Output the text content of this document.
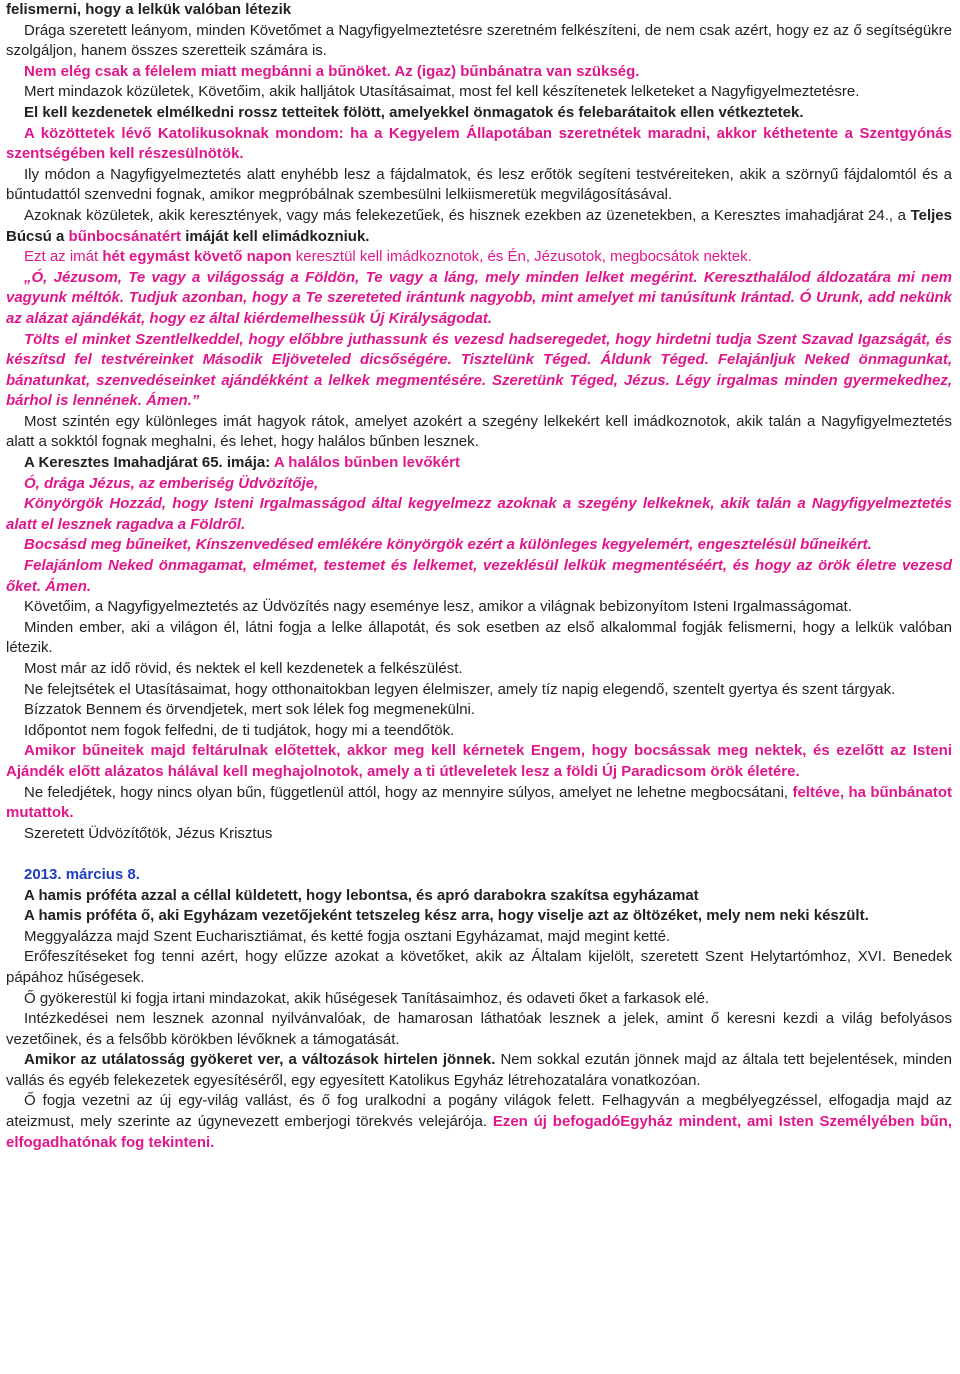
felismerni, hogy a lelkük valóban létezik

Drága szeretett leányom, minden Követőmet a Nagyfigyelmeztetésre szeretném felkészíteni, de nem csak azért, hogy ez az ő segítségükre szolgáljon, hanem összes szeretteik számára is.

Nem elég csak a félelem miatt megbánni a bűnöket. Az (igaz) bűnbánatra van szükség.

Mert mindazok közületek, Követőim, akik halljátok Utasításaimat, most fel kell készítenetek lelketeket a Nagyfigyelmeztetésre.

El kell kezdenetek elmélkedni rossz tetteitek fölött, amelyekkel önmagatok és felebarátaitok ellen vétkeztetek.

A közöttetek lévő Katolikusoknak mondom: ha a Kegyelem Állapotában szeretnétek maradni, akkor kéthetente a Szentgyónás szentségében kell részesülnötök.

Ily módon a Nagyfigyelmeztetés alatt enyhébb lesz a fájdalmatok, és lesz erőtök segíteni testvéreiteken, akik a szörnyű fájdalomtól és a bűntudattól szenvedni fognak, amikor megpróbálnak szembesülni lelkiismeretük megvilágosításával.

Azoknak közületek, akik keresztények, vagy más felekezetűek, és hisznek ezekben az üzenetekben, a Keresztes imahadjárat 24., a Teljes Búcsú a bűnbocsánatért imáját kell elimádkozniuk.

Ezt az imát hét egymást követő napon keresztül kell imádkoznotok, és Én, Jézusotok, megbocsátok nektek.

„Ó, Jézusom, Te vagy a világosság a Földön, Te vagy a láng, mely minden lelket megérint. Kereszthalálod áldozatára mi nem vagyunk méltók. Tudjuk azonban, hogy a Te szereteted irántunk nagyobb, mint amelyet mi tanúsítunk Irántad. Ó Urunk, add nekünk az alázat ajándékát, hogy ez által kiérdemelhessük Új Királyságodat.

Tölts el minket Szentlelkeddel, hogy előbbre juthassunk és vezesd hadseregedet, hogy hirdetni tudja Szent Szavad Igazságát, és készítsd fel testvéreinket Második Eljöveteled dicsőségére. Tisztelünk Téged. Áldunk Téged. Felajánljuk Neked önmagunkat, bánatunkat, szenvedéseinket ajándékként a lelkek megmentésére. Szeretünk Téged, Jézus. Légy irgalmas minden gyermekedhez, bárhol is lennének. Ámen.”

Most szintén egy különleges imát hagyok rátok, amelyet azokért a szegény lelkekért kell imádkoznotok, akik talán a Nagyfigyelmeztetés alatt a sokktól fognak meghalni, és lehet, hogy halálos bűnben lesznek.

A Keresztes Imahadjárat 65. imája: A halálos bűnben levőkért

Ó, drága Jézus, az emberiség Üdvözítője,

Könyörgök Hozzád, hogy Isteni Irgalmasságod által kegyelmezz azoknak a szegény lelkeknek, akik talán a Nagyfigyelmeztetés alatt el lesznek ragadva a Földről.

Bocsásd meg bűneiket, Kínszenvedésed emlékére könyörgök ezért a különleges kegyelemért, engesztelésül bűneikért.

Felajánlom Neked önmagamat, elmémet, testemet és lelkemet, vezeklésül lelkük megmentéséért, és hogy az örök életre vezesd őket. Ámen.

Követőim, a Nagyfigyelmeztetés az Üdvözítés nagy eseménye lesz, amikor a világnak bebizonyítom Isteni Irgalmasságomat.

Minden ember, aki a világon él, látni fogja a lelke állapotát, és sok esetben az első alkalommal fogják felismerni, hogy a lelkük valóban létezik.

Most már az idő rövid, és nektek el kell kezdenetek a felkészülést.

Ne felejtsétek el Utasításaimat, hogy otthonaitokban legyen élelmiszer, amely tíz napig elegendő, szentelt gyertya és szent tárgyak.

Bízzatok Bennem és örvendjetek, mert sok lélek fog megmenekülni.

Időpontot nem fogok felfedni, de ti tudjátok, hogy mi a teendőtök.

Amikor bűneitek majd feltárulnak előtettek, akkor meg kell kérnetek Engem, hogy bocsássak meg nektek, és ezelőtt az Isteni Ajándék előtt alázatos hálával kell meghajolnotok, amely a ti útleveletek lesz a földi Új Paradicsom örök életére.

Ne feledjétek, hogy nincs olyan bűn, függetlenül attól, hogy az mennyire súlyos, amelyet ne lehetne megbocsátani, feltéve, ha bűnbánatot mutattok.

Szeretett Üdvözítőtök, Jézus Krisztus

2013. március 8.

A hamis próféta azzal a céllal küldetett, hogy lebontsa, és apró darabokra szakítsa egyházamat

A hamis próféta ő, aki Egyházam vezetőjeként tetszeleg kész arra, hogy viselje azt az öltözéket, mely nem neki készült.

Meggyalázza majd Szent Eucharisztiámat, és ketté fogja osztani Egyházamat, majd megint ketté.

Erőfeszítéseket fog tenni azért, hogy elűzze azokat a követőket, akik az Általam kijelölt, szeretett Szent Helytartómhoz, XVI. Benedek pápához hűségesek.

Ő gyökerestül ki fogja irtani mindazokat, akik hűségesek Tanításaimhoz, és odaveti őket a farkasok elé.

Intézkedései nem lesznek azonnal nyilvánvalóak, de hamarosan láthatóak lesznek a jelek, amint ő keresni kezdi a világ befolyásos vezetőinek, és a felsőbb körökben lévőknek a támogatását.

Amikor az utálatosság gyökeret ver, a változások hirtelen jönnek. Nem sokkal ezután jönnek majd az általa tett bejelentések, minden vallás és egyéb felekezetek egyesítéséről, egy egyesített Katolikus Egyház létrehozatalára vonatkozóan.

Ő fogja vezetni az új egy-világ vallást, és ő fog uralkodni a pogány világok felett. Felhagyván a megbélyegzéssel, elfogadja majd az ateizmust, mely szerinte az úgynevezett emberjogi törekvés velejárója. Ezen új befogadóEgyház mindent, ami Isten Személyében bűn, elfogadhatónak fog tekinteni.
